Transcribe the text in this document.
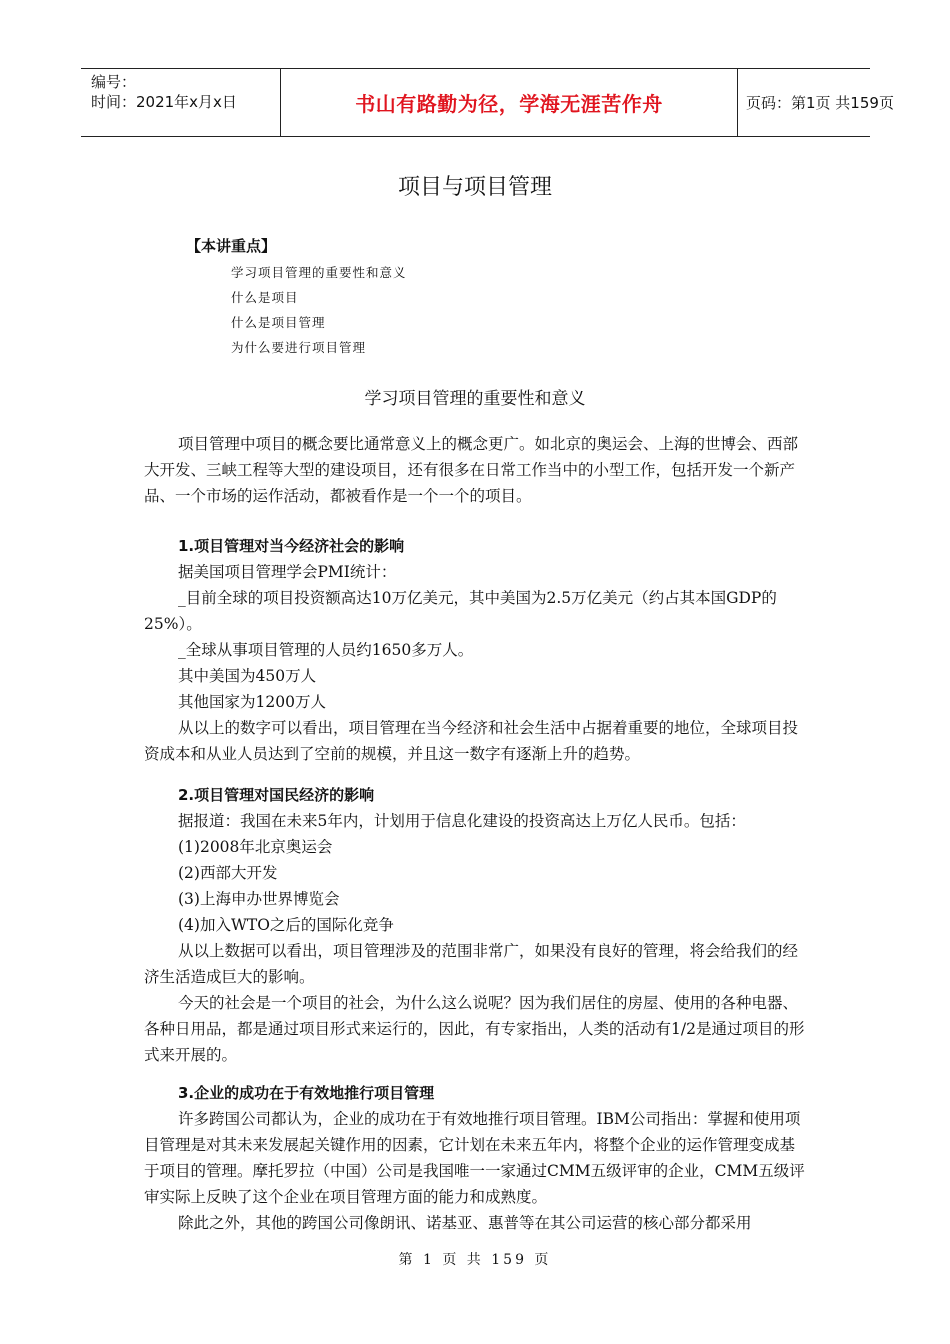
编号：
时间：2021年x月x日	书山有路勤为径，学海无涯苦作舟	页码：第1页 共159页
项目与项目管理
【本讲重点】
学习项目管理的重要性和意义
什么是项目
什么是项目管理
为什么要进行项目管理
学习项目管理的重要性和意义

项目管理中项目的概念要比通常意义上的概念更广。如北京的奥运会、上海的世博会、西部大开发、三峡工程等大型的建设项目，还有很多在日常工作当中的小型工作，包括开发一个新产品、一个市场的运作活动，都被看作是一个一个的项目。

1.项目管理对当今经济社会的影响

据美国项目管理学会PMI统计：

_目前全球的项目投资额高达10万亿美元，其中美国为2.5万亿美元（约占其本国GDP的25%）。

_全球从事项目管理的人员约1650多万人。

其中美国为450万人

其他国家为1200万人

从以上的数字可以看出，项目管理在当今经济和社会生活中占据着重要的地位，全球项目投资成本和从业人员达到了空前的规模，并且这一数字有逐渐上升的趋势。

2.项目管理对国民经济的影响

据报道：我国在未来5年内，计划用于信息化建设的投资高达上万亿人民币。包括：

(1)2008年北京奥运会

(2)西部大开发

(3)上海申办世界博览会

(4)加入WTO之后的国际化竞争

从以上数据可以看出，项目管理涉及的范围非常广，如果没有良好的管理，将会给我们的经济生活造成巨大的影响。

今天的社会是一个项目的社会，为什么这么说呢？因为我们居住的房屋、使用的各种电器、各种日用品，都是通过项目形式来运行的，因此，有专家指出，人类的活动有1/2是通过项目的形式来开展的。

3.企业的成功在于有效地推行项目管理

许多跨国公司都认为，企业的成功在于有效地推行项目管理。IBM公司指出：掌握和使用项目管理是对其未来发展起关键作用的因素，它计划在未来五年内，将整个企业的运作管理变成基于项目的管理。摩托罗拉（中国）公司是我国唯一一家通过CMM五级评审的企业，CMM五级评审实际上反映了这个企业在项目管理方面的能力和成熟度。

除此之外，其他的跨国公司像朗讯、诺基亚、惠普等在其公司运营的核心部分都采用

第 1 页 共 159 页
